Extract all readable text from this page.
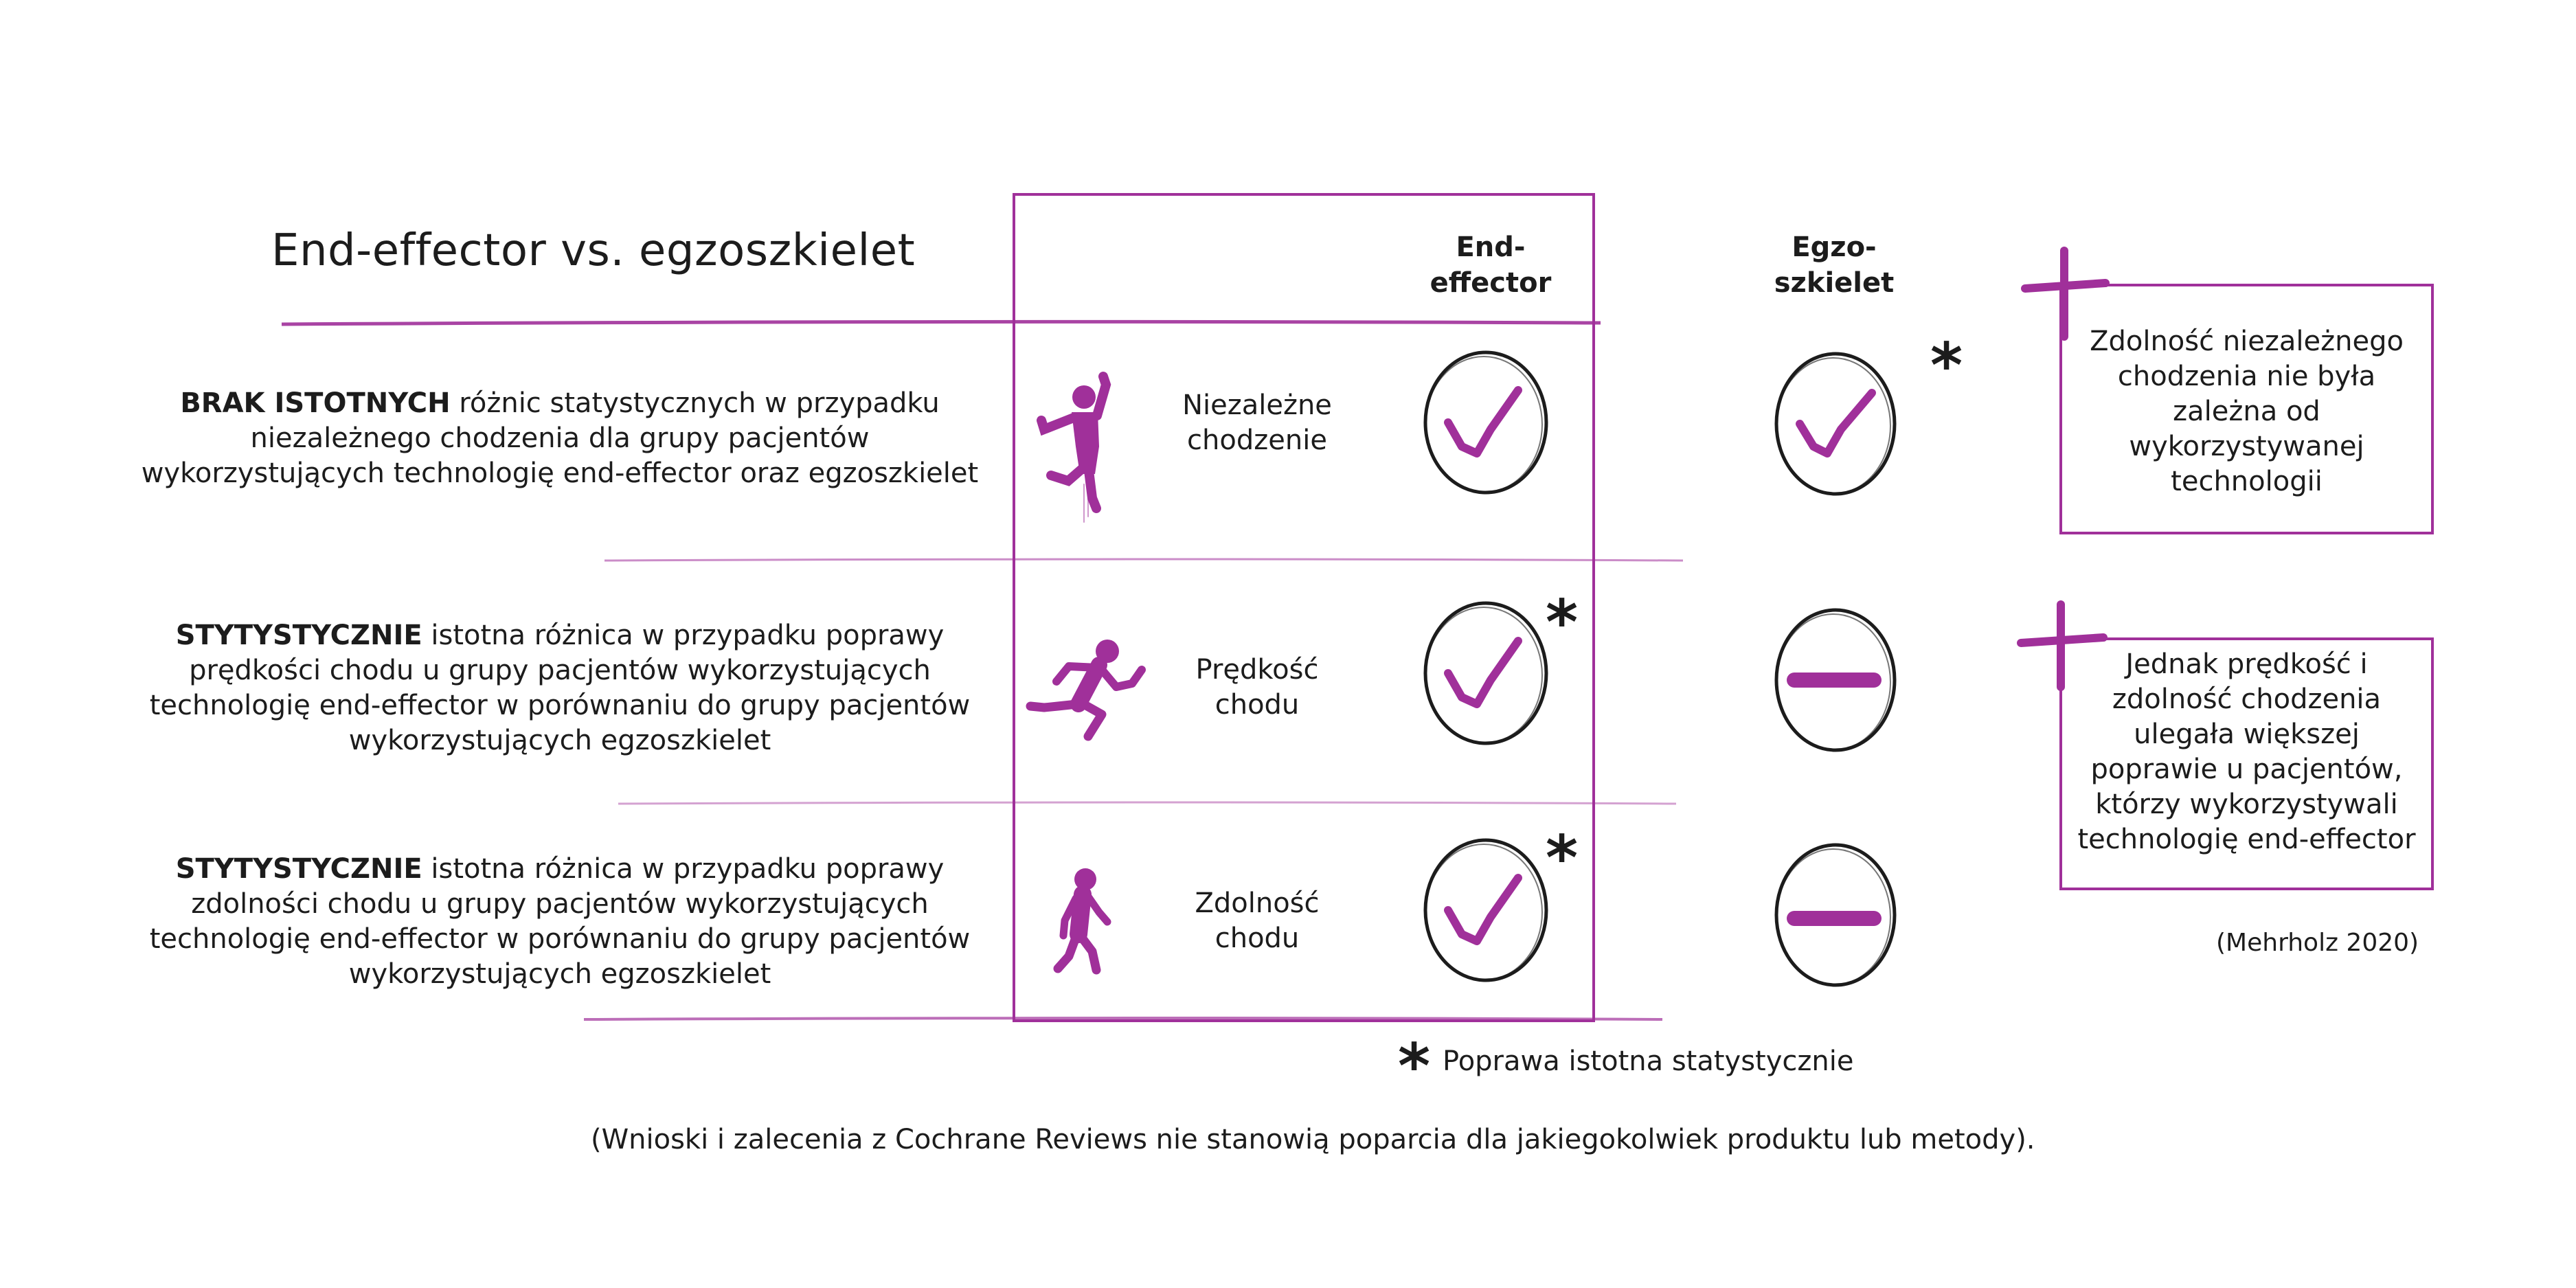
End-effector vs. egzoszkielet
BRAK ISTOTNYCH różnic statystycznych w przypadku niezależnego chodzenia dla grupy pacjentów wykorzystujących technologię end-effector oraz egzoszkielet
STYTYSTYCZNIE istotna różnica w przypadku poprawy prędkości chodu u grupy pacjentów wykorzystujących technologię end-effector w porównaniu do grupy pacjentów wykorzystujących egzoszkielet
STYTYSTYCZNIE istotna różnica w przypadku poprawy zdolności chodu u grupy pacjentów wykorzystujących technologię end-effector w porównaniu do grupy pacjentów wykorzystujących egzoszkielet
End-
effector
Egzo-
szkielet
Niezależne
chodzenie
Prędkość
chodu
Zdolność
chodu
*
*
*
Zdolność niezależnego chodzenia nie była zależna od wykorzystywanej technologii
Jednak prędkość i zdolność chodzenia ulegała większej poprawie u pacjentów, którzy wykorzystywali technologię end-effector
(Mehrholz 2020)
* Poprawa istotna statystycznie
(Wnioski i zalecenia z Cochrane Reviews nie stanowią poparcia dla jakiegokolwiek produktu lub metody).
